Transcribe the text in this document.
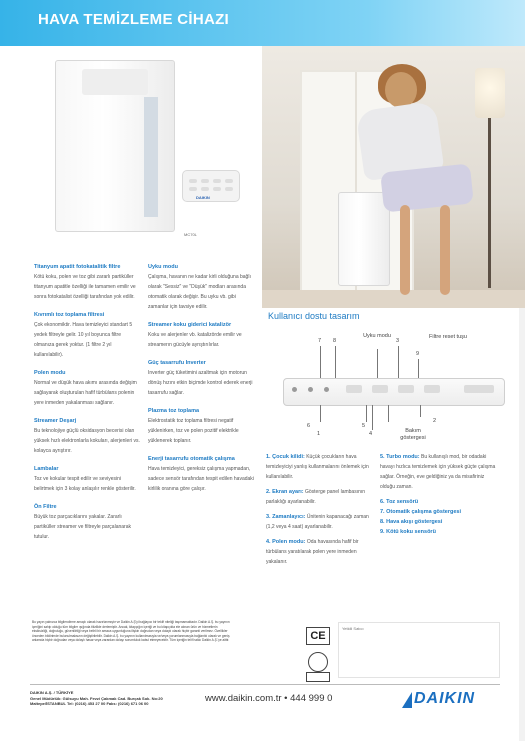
HAVA TEMİZLEME CİHAZI
DAIKIN
MC70L
Titanyum apatit fotokatalitik filtre
Kötü koku, polen ve toz gibi zararlı partiküller titanyum apatitle özelliği ile tamamen emilir ve sonra fotokatalist özelliği tarafından yok edilir.
Kıvrımlı toz toplama filtresi
Çok ekonomiktir. Hava temizleyici standart 5 yedek filtreyle gelir. 10 yıl boyunca filtre olmanıza gerek yoktur. (1 filtre 2 yıl kullanılabilir).
Polen modu
Normal ve düşük hava akımı arasında değişim sağlayarak oluşturulan hafif türbülans polenin yere inmeden yakalanması sağlanır.
Streamer Deşarj
Bu teknolojiye güçlü oksidasyon becerisi olan yüksek hızlı elektronlarla kokuları, alerjenleri vs. kolayca ayrıştırır.
Lambalar
Toz ve kokular tespit edilir ve seviyesini belirtmek için 3 kolay anlaşılır renkle gösterilir.
Ön Filtre
Büyük toz parçacıklarını yakalar. Zararlı partiküller streamer ve filtreyle parçalanarak tutulur.
Uyku modu
Çalışma, havanın ne kadar kirli olduğuna bağlı olarak "Sessiz" ve "Düşük" modları arasında otomatik olarak değişir. Bu uyku vb. gibi zamanlar için tavsiye edilir.
Streamer koku giderici katalizör
Koku ve alerjenler vb. katalizörde emilir ve streamerın gücüyle ayrıştırılırlar.
Güç tasarrufu Inverter
Inverter güç tüketimini azaltmak için motorun dönüş hızını etkin biçimde kontrol ederek enerji tasarrufu sağlar.
Plazma toz toplama
Elektrostatik toz toplama filtresi negatif yüklenirken, toz ve polen pozitif elektrikle yüklenerek toplanır.
Enerji tasarrufu otomatik çalışma
Hava temizleyici, gereksiz çalışma yapmadan, sadece sensör tarafından tespit edilen havadaki kirlilik oranına göre çalışır.
Kullanıcı dostu tasarım
7 8
Uyku modu
3
Filtre reset tuşu
9
6
1
5
4	Bakım göstergesi
2
1. Çocuk kilidi: Küçük çocukların hava temizleyiciyi yanlış kullanmalarını önlemek için kullanılabilir.
2. Ekran ayarı: Gösterge panel lambasının parlaklığı ayarlanabilir.
3. Zamanlayıcı: Ünitenin kapanacağı zaman (1,2 veya 4 saat) ayarlanabilir.
4. Polen modu: Oda havasında hafif bir türbülans yaratılarak polen yere inmeden yakalanır.
5. Turbo modu: Bu kullanışlı mod, bir odadaki havayı hızlıca temizlemek için yüksek güçte çalışma sağlar. Örneğin, eve geldiğiniz ya da misafiriniz olduğu zaman.
6. Toz sensörü
7. Otomatik çalışma göstergesi
8. Hava akışı göstergesi
9. Kötü koku sensörü
Bu yayın yalnızca bilgilendirme amaçlı olarak hazırlanmıştır ve Daikin A.Ş'yi bağlayıcı bir teklif niteliği taşımamaktadır. Daikin A.Ş. bu yayının içeriğini sahip olduğu tüm bilgiler ışığında titizlikle derlemiştir. Ancak, kitapçığın içeriği ve bu kitapçıkta ele alınan ürün ve hizmetlerin eksiksizliği, doğruluğu, güvenilirliği veya belirli bir amaca uygunluğuna ilişkin doğrudan veya dolaylı olarak hiçbir garanti verilmez. Özellikler önceden bildirimde bulunulmaksızın değiştirilebilir. Daikin A.Ş. bu yayının kullanılmasıyla ve/veya yorumlanmasıyla bağlantılı olarak ve geniş anlamda hiçbir doğrudan veya dolaylı hasar veya zarardan dolayı sorumluluk kabul etmeyecektir. Tüm içeriğin telif hakkı Daikin A.Ş.'ye aittir.	CE
Yetkili Satıcı
DAIKIN A.Ş. / TÜRKİYE
Genel Müdürlük: Gülsuyu Mah. Fevzi Çakmak Cad. Burçak Sok. No:20
Maltepe/İSTANBUL Tel: (0216) 453 27 00 Faks: (0216) 671 06 00	www.daikin.com.tr • 444 999 0	DAIKIN
